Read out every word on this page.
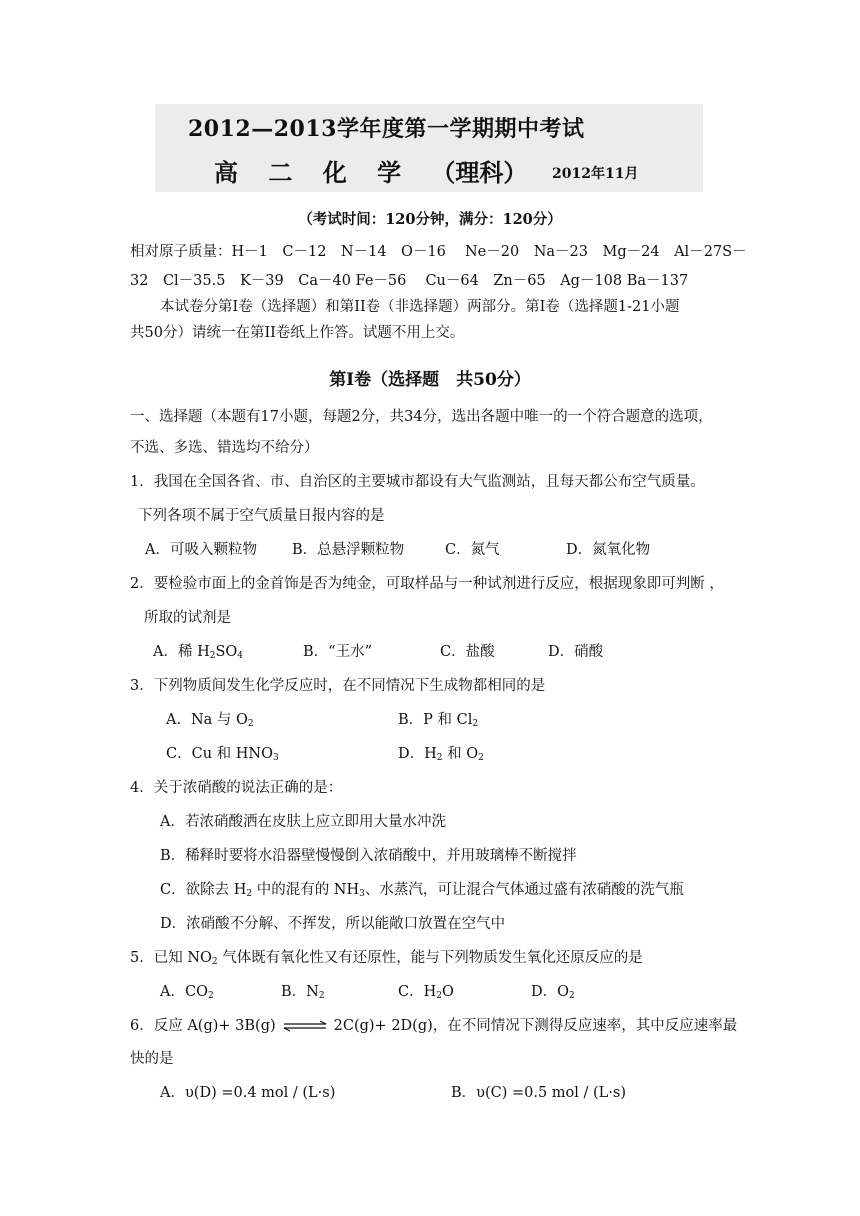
2012—2013学年度第一学期期中考试
高 二 化 学 （理科） 2012年11月
（考试时间：120分钟，满分：120分）
相对原子质量：H－1　C－12　N－14　O－16　 Ne－20　Na－23　Mg－24　Al－27S－
32　Cl－35.5　K－39　Ca－40 Fe－56　 Cu－64　Zn－65　Ag－108 Ba－137
本试卷分第I卷（选择题）和第II卷（非选择题）两部分。第I卷（选择题1-21小题
共50分）请统一在第II卷纸上作答。试题不用上交。
第Ⅰ卷（选择题　共50分）
一、选择题（本题有17小题，每题2分，共34分，选出各题中唯一的一个符合题意的选项，
不选、多选、错选均不给分）
1．我国在全国各省、市、自治区的主要城市都设有大气监测站，且每天都公布空气质量。
下列各项不属于空气质量日报内容的是
A．可吸入颗粒物 B．总悬浮颗粒物	C．氮气	D．氮氧化物
2．要检验市面上的金首饰是否为纯金，可取样品与一种试剂进行反应，根据现象即可判断 ，
所取的试剂是
A．稀 $H_2SO_4$	B．“王水”	C．盐酸	D．硝酸
3．下列物质间发生化学反应时，在不同情况下生成物都相同的是
A．Na 与 $O_2$	B．P 和 $Cl_2$
C．Cu 和 $HNO_3$	D．$H_2$ 和 $O_2$
4．关于浓硝酸的说法正确的是：
A．若浓硝酸洒在皮肤上应立即用大量水冲洗
B．稀释时要将水沿器壁慢慢倒入浓硝酸中，并用玻璃棒不断搅拌
C．欲除去 $H_2$ 中的混有的 $NH_3$、水蒸汽，可让混合气体通过盛有浓硝酸的洗气瓶
D．浓硝酸不分解、不挥发，所以能敞口放置在空气中
5．已知 $NO_2$ 气体既有氧化性又有还原性，能与下列物质发生氧化还原反应的是
A．$CO_2$	B．$N_2$	C．$H_2O$	D．$O_2$
6．反应 A(g)+ 3B(g) ⇌ 2C(g)+ 2D(g)，在不同情况下测得反应速率，其中反应速率最
快的是
A．υ(D) =0.4 mol / (L·s)	B．υ(C) =0.5 mol / (L·s)
